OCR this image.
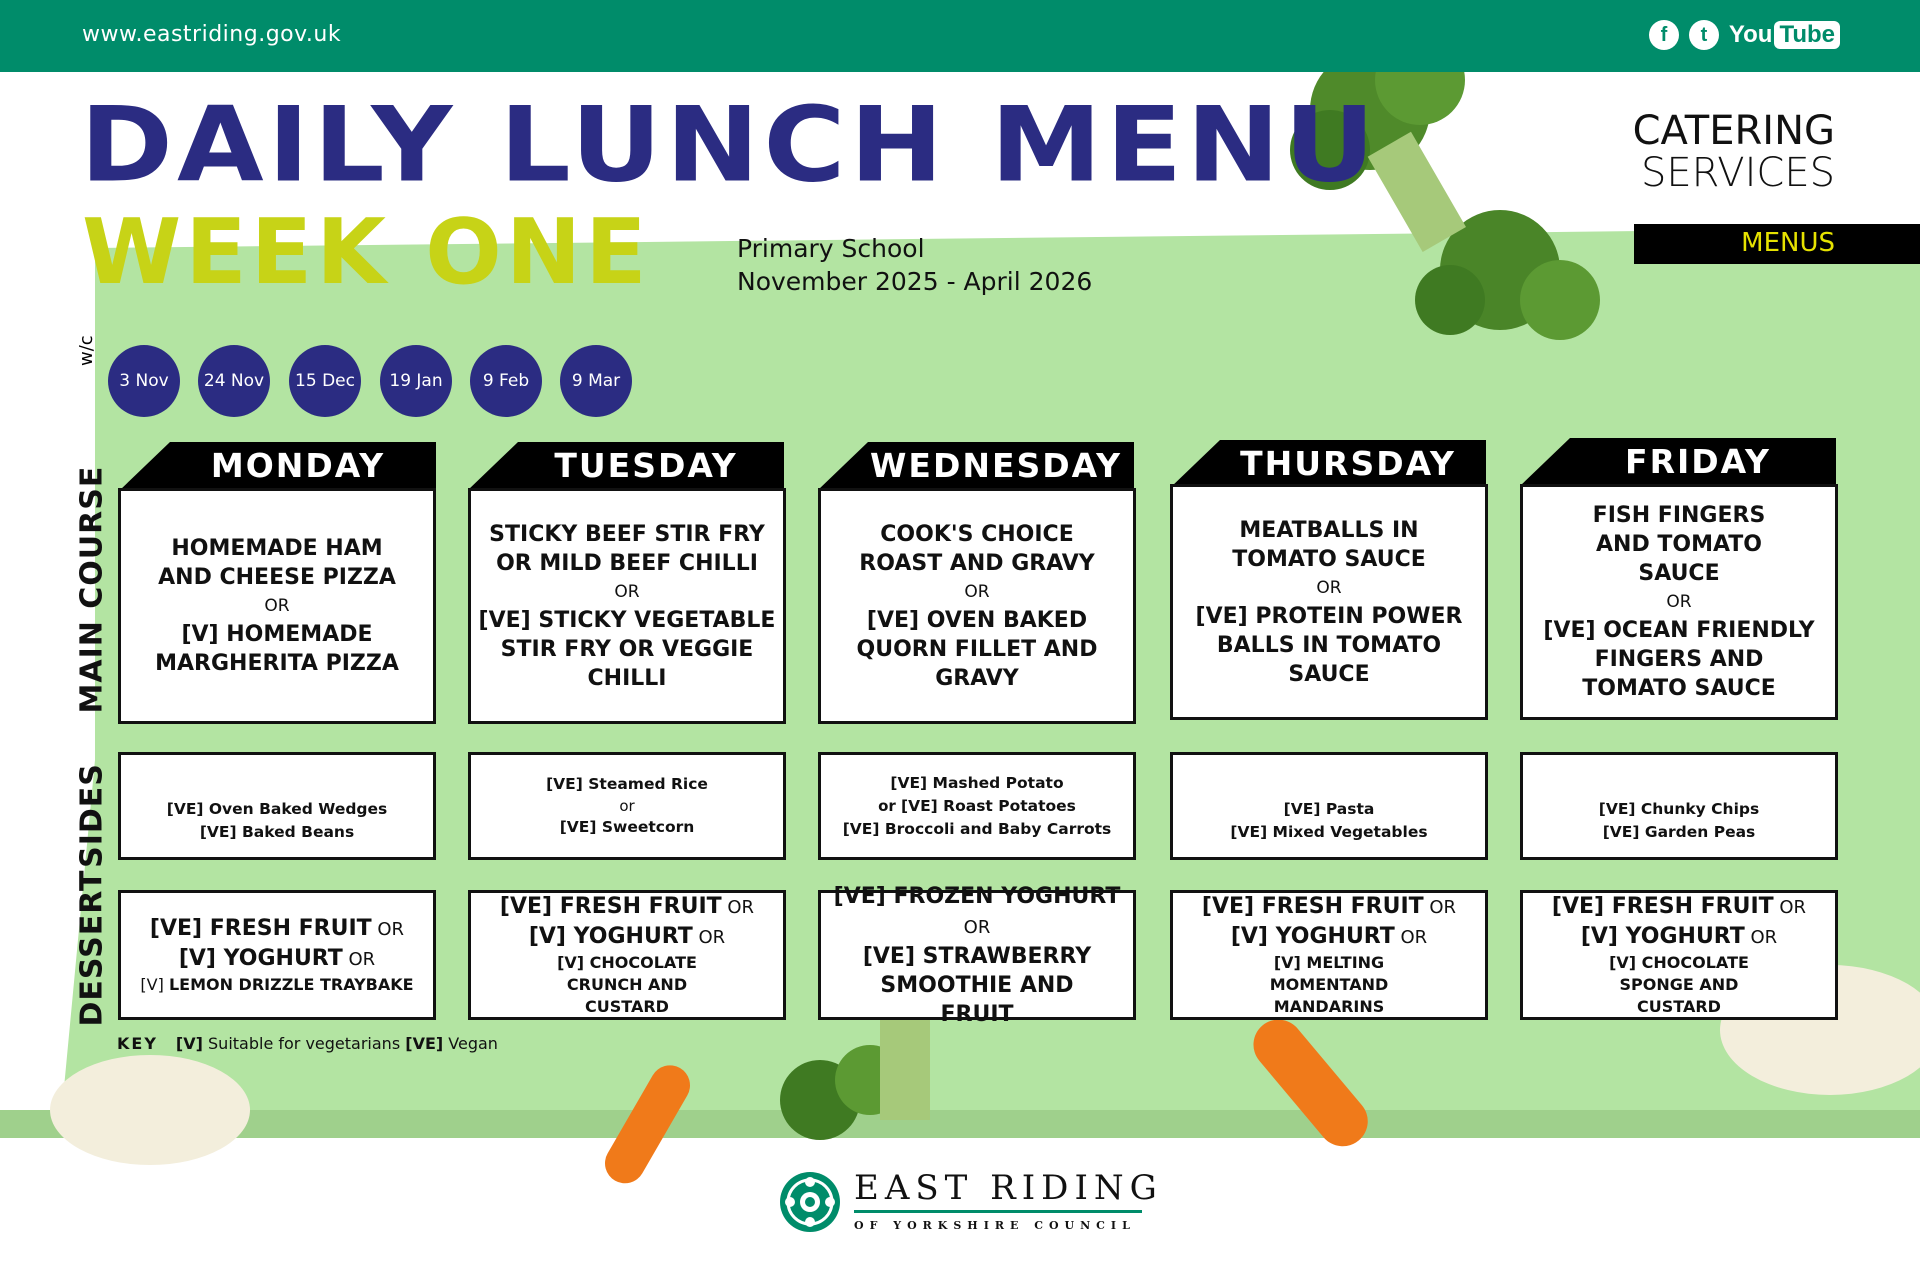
www.eastriding.gov.uk	f	t You Tube
DAILY LUNCH MENU
WEEK ONE	Primary School
November 2025 - April 2026
CATERING
SERVICES
MENUS
w/c
3 Nov	24 Nov	15 Dec	19 Jan	9 Feb	9 Mar
MAIN COURSE
SIDES
DESSERT
MONDAY	TUESDAY	WEDNESDAY	THURSDAY	FRIDAY
HOMEMADE HAM AND CHEESE PIZZA
OR
[V] HOMEMADE MARGHERITA PIZZA
STICKY BEEF STIR FRY OR MILD BEEF CHILLI
OR
[VE] STICKY VEGETABLE STIR FRY OR VEGGIE CHILLI
COOK'S CHOICE ROAST AND GRAVY
OR
[VE] OVEN BAKED QUORN FILLET AND GRAVY
MEATBALLS IN TOMATO SAUCE
OR
[VE] PROTEIN POWER BALLS IN TOMATO SAUCE
FISH FINGERS AND TOMATO SAUCE
OR
[VE] OCEAN FRIENDLY FINGERS AND TOMATO SAUCE
[VE] Oven Baked Wedges
[VE] Baked Beans
[VE] Steamed Rice
or
[VE] Sweetcorn
[VE] Mashed Potato
or [VE] Roast Potatoes
[VE] Broccoli and Baby Carrots
[VE] Pasta
[VE] Mixed Vegetables
[VE] Chunky Chips
[VE] Garden Peas
[VE] FRESH FRUIT OR
[V] YOGHURT OR
[V] LEMON DRIZZLE TRAYBAKE
[VE] FRESH FRUIT OR
[V] YOGHURT OR
[V] CHOCOLATE CRUNCH AND CUSTARD
[VE] FROZEN YOGHURT OR
[VE] STRAWBERRY SMOOTHIE AND FRUIT
[VE] FRESH FRUIT OR
[V] YOGHURT OR
[V] MELTING MOMENTAND MANDARINS
[VE] FRESH FRUIT OR
[V] YOGHURT OR
[V] CHOCOLATE SPONGE AND CUSTARD
KEY [V] Suitable for vegetarians [VE] Vegan
EAST RIDING
OF YORKSHIRE COUNCIL
